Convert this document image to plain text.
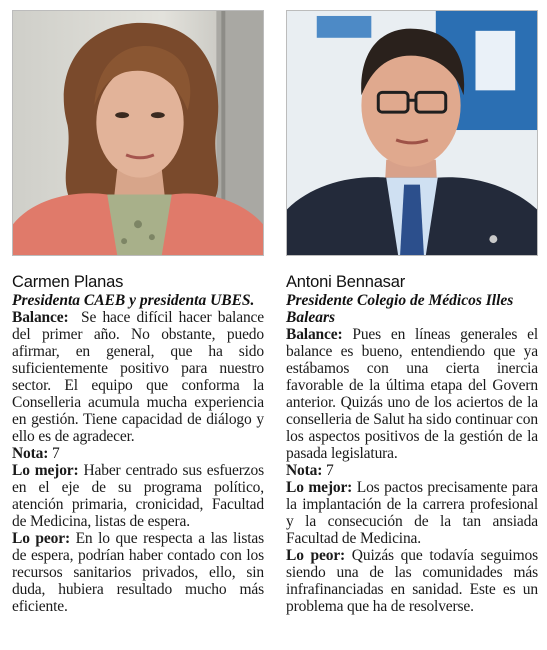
Carmen Planas

Presidenta CAEB y presidenta UBES.

Balance: Se hace difícil hacer balance del primer año. No obstante, puedo afirmar, en general, que ha sido suficientemente positivo para nuestro sector. El equipo que conforma la Conselleria acumula mucha experiencia en gestión. Tiene capacidad de diálogo y ello es de agradecer.

Nota: 7

Lo mejor: Haber centrado sus esfuerzos en el eje de su programa político, atención primaria, cronicidad, Facultad de Medicina, listas de espera.

Lo peor: En lo que respecta a las listas de espera, podrían haber contado con los recursos sanitarios privados, ello, sin duda, hubiera resultado mucho más eficiente.

Antoni Bennasar

Presidente Colegio de Médicos Illes Balears

Balance: Pues en líneas generales el balance es bueno, entendiendo que ya estábamos con una cierta inercia favorable de la última etapa del Govern anterior. Quizás uno de los aciertos de la conselleria de Salut ha sido continuar con los aspectos positivos de la gestión de la pasada legislatura.

Nota: 7

Lo mejor: Los pactos precisamente para la implantación de la carrera profesional y la consecución de la tan ansiada Facultad de Medicina.

Lo peor: Quizás que todavía seguimos siendo una de las comunidades más infrafinanciadas en sanidad. Este es un problema que ha de resolverse.
